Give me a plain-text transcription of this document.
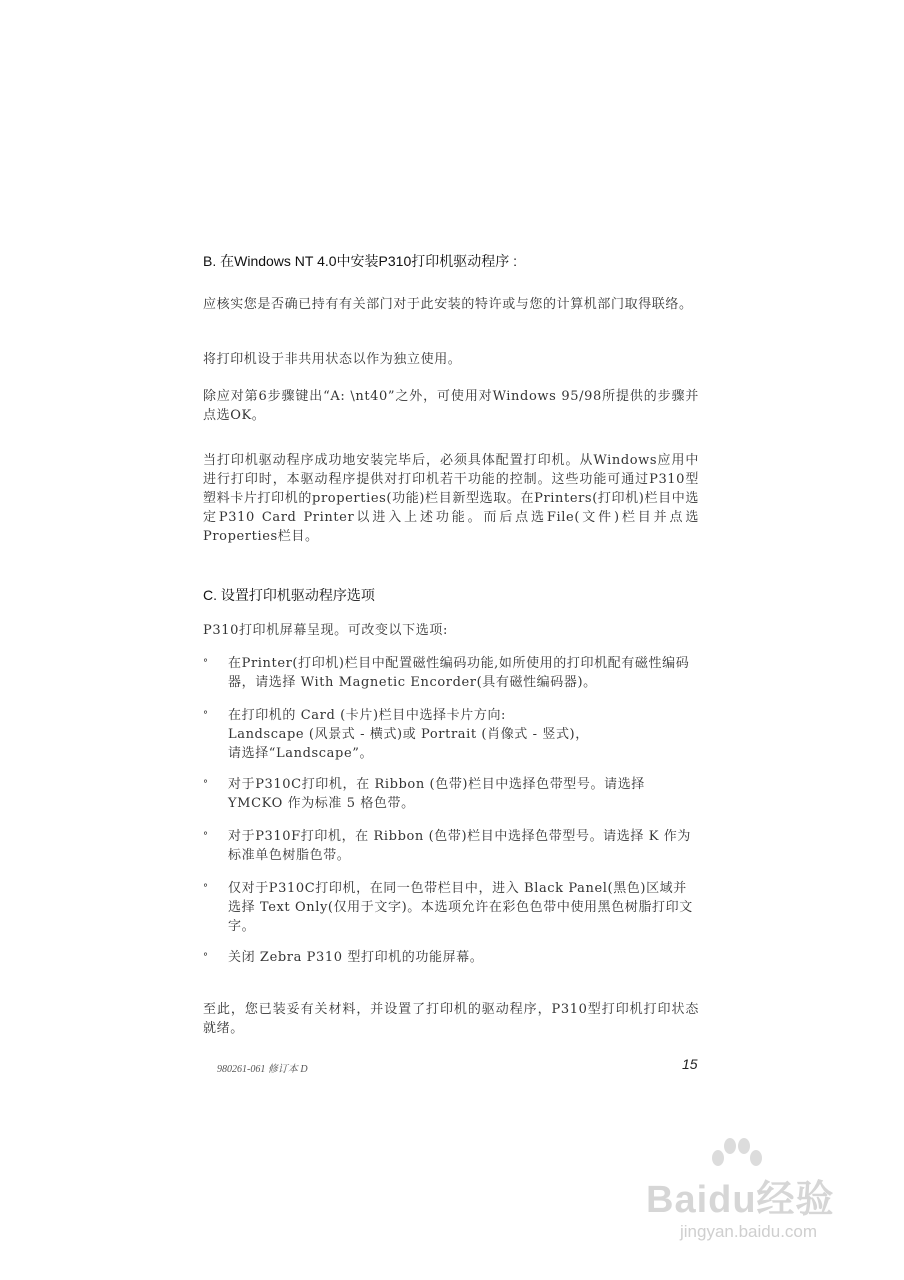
B. 在Windows NT 4.0中安装P310打印机驱动程序 :
应核实您是否确已持有有关部门对于此安装的特许或与您的计算机部门取得联络。
将打印机设于非共用状态以作为独立使用。
除应对第6步骤键出“A: \nt40”之外，可使用对Windows 95/98所提供的步骤并点选OK。
当打印机驱动程序成功地安装完毕后，必须具体配置打印机。从Windows应用中进行打印时，本驱动程序提供对打印机若干功能的控制。这些功能可通过P310型塑料卡片打印机的properties(功能)栏目新型选取。在Printers(打印机)栏目中选定P310 Card Printer以进入上述功能。而后点选File(文件)栏目并点选Properties栏目。
C. 设置打印机驱动程序选项
P310打印机屏幕呈现。可改变以下选项:
° 在Printer(打印机)栏目中配置磁性编码功能,如所使用的打印机配有磁性编码器，请选择 With Magnetic Encorder(具有磁性编码器)。
° 在打印机的 Card (卡片)栏目中选择卡片方向:
Landscape (风景式 - 横式)或 Portrait (肖像式 - 竖式)，
请选择“Landscape”。
° 对于P310C打印机，在 Ribbon (色带)栏目中选择色带型号。请选择 YMCKO 作为标准 5 格色带。
° 对于P310F打印机，在 Ribbon (色带)栏目中选择色带型号。请选择 K 作为标准单色树脂色带。
° 仅对于P310C打印机，在同一色带栏目中，进入 Black Panel(黑色)区域并选择 Text Only(仅用于文字)。本选项允许在彩色色带中使用黑色树脂打印文字。
° 关闭 Zebra P310 型打印机的功能屏幕。
至此，您已装妥有关材料，并设置了打印机的驱动程序，P310型打印机打印状态就绪。
980261-061 修订本 D	15
Baidu经验
jingyan.baidu.com
